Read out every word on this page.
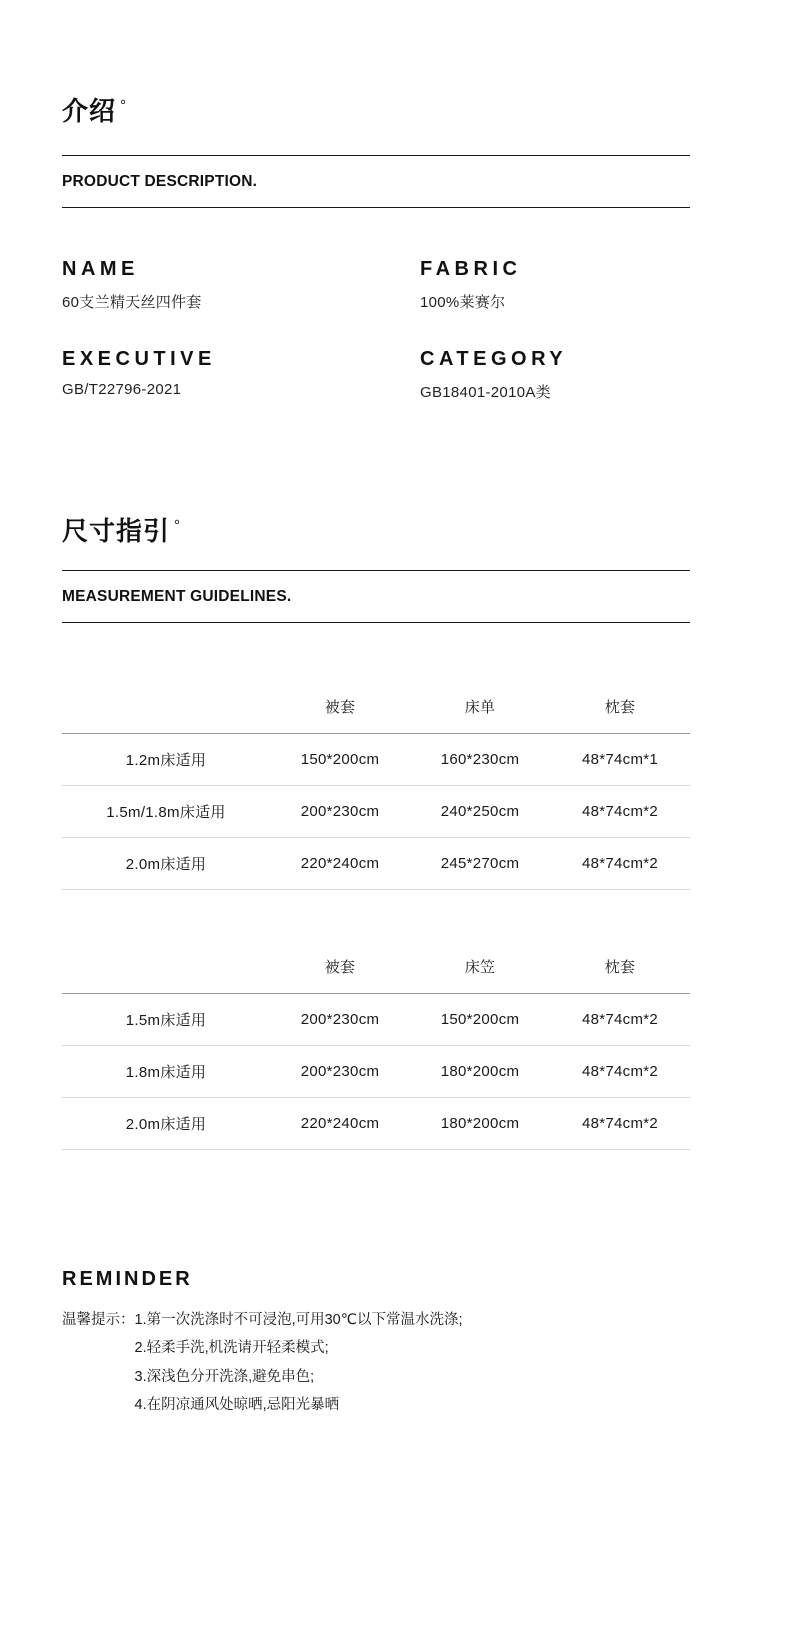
介绍 °
PRODUCT DESCRIPTION.
NAME
60支兰精天丝四件套
FABRIC
100%莱赛尔
EXECUTIVE
GB/T22796-2021
CATEGORY
GB18401-2010A类
尺寸指引 °
MEASUREMENT GUIDELINES.
	被套	床单	枕套
1.2m床适用	150*200cm	160*230cm	48*74cm*1
1.5m/1.8m床适用	200*230cm	240*250cm	48*74cm*2
2.0m床适用	220*240cm	245*270cm	48*74cm*2
	被套	床笠	枕套
1.5m床适用	200*230cm	150*200cm	48*74cm*2
1.8m床适用	200*230cm	180*200cm	48*74cm*2
2.0m床适用	220*240cm	180*200cm	48*74cm*2
REMINDER
温馨提示： 1.第一次洗涤时不可浸泡,可用30℃以下常温水洗涤;
2.轻柔手洗,机洗请开轻柔模式;
3.深浅色分开洗涤,避免串色;
4.在阴凉通风处晾晒,忌阳光暴晒
